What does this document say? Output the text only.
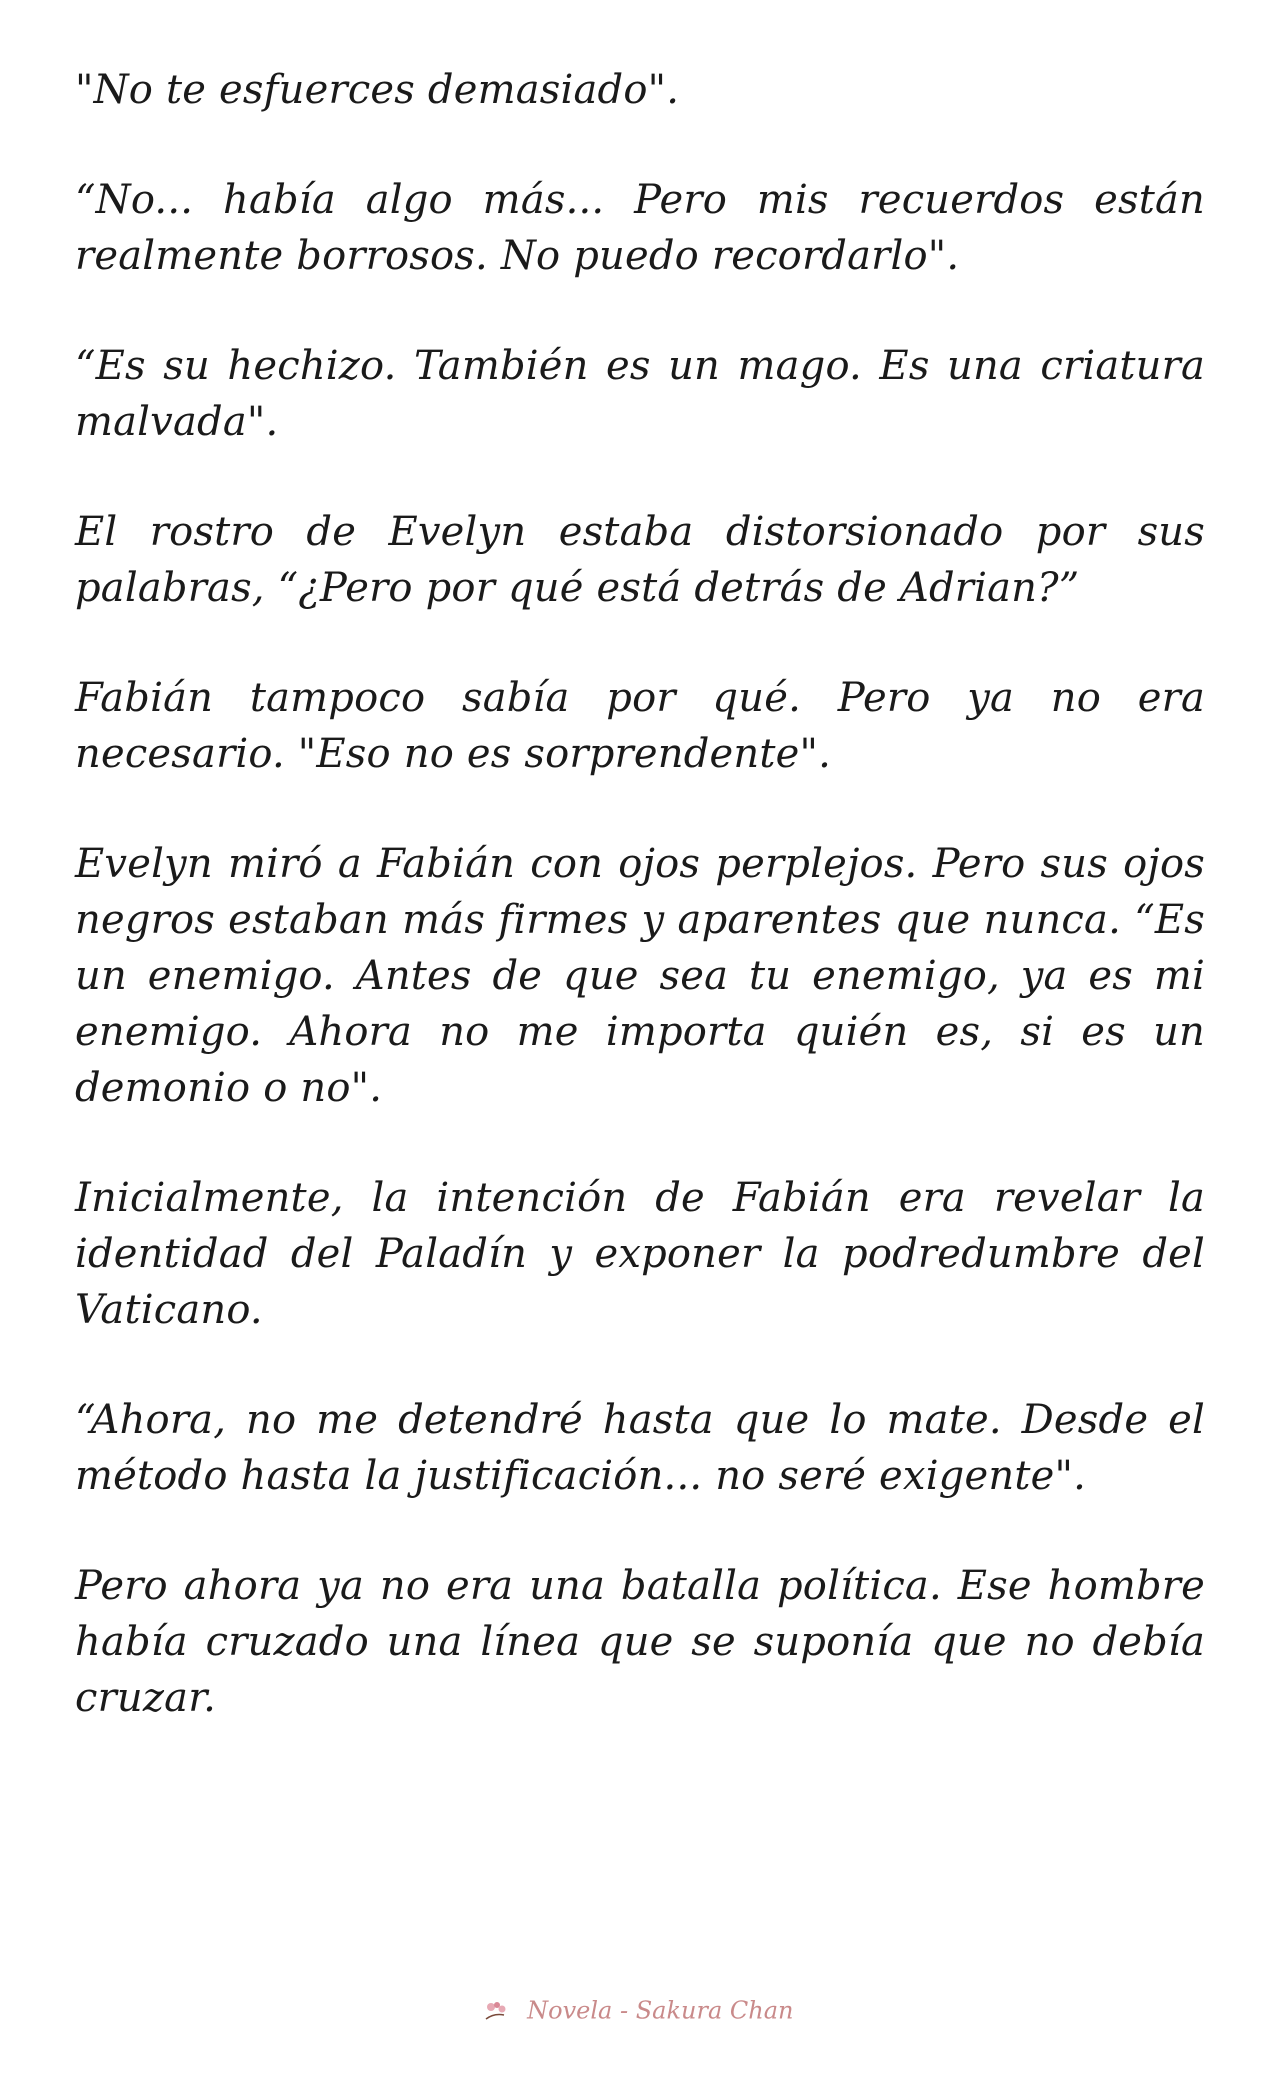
"No te esfuerces demasiado".

“No... había algo más... Pero mis recuerdos están realmente borrosos. No puedo recordarlo".

“Es su hechizo. También es un mago. Es una criatura malvada".

El rostro de Evelyn estaba distorsionado por sus palabras, “¿Pero por qué está detrás de Adrian?”

Fabián tampoco sabía por qué. Pero ya no era necesario. "Eso no es sorprendente".

Evelyn miró a Fabián con ojos perplejos. Pero sus ojos negros estaban más firmes y aparentes que nunca. “Es un enemigo. Antes de que sea tu enemigo, ya es mi enemigo. Ahora no me importa quién es, si es un demonio o no".

Inicialmente, la intención de Fabián era revelar la identidad del Paladín y exponer la podredumbre del Vaticano.

“Ahora, no me detendré hasta que lo mate. Desde el método hasta la justificación... no seré exigente".

Pero ahora ya no era una batalla política. Ese hombre había cruzado una línea que se suponía que no debía cruzar.

Novela - Sakura Chan
